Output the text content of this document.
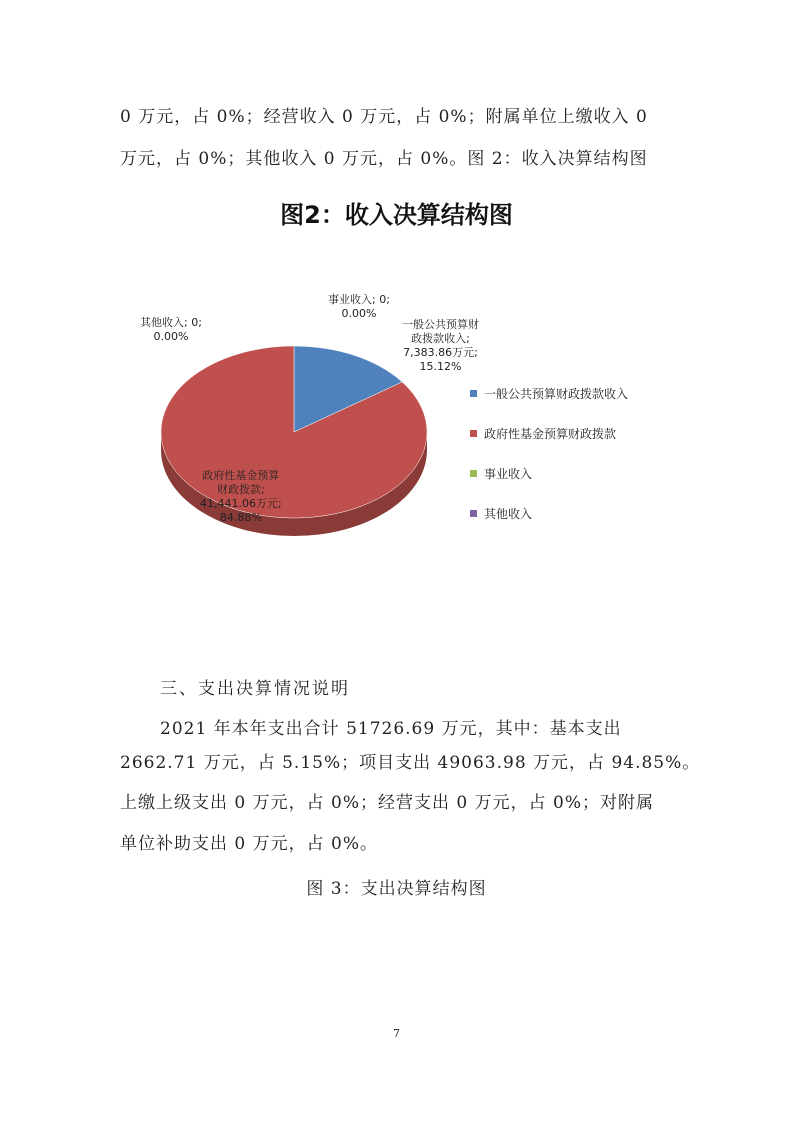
0 万元，占 0%；经营收入 0 万元，占 0%；附属单位上缴收入 0
万元，占 0%；其他收入 0 万元，占 0%。图 2：收入决算结构图
图2：收入决算结构图
事业收入; 0;
0.00%
其他收入; 0;
0.00%
一般公共预算财
政拨款收入;
7,383.86万元;
15.12%
政府性基金预算
财政拨款;
41,441.06万元;
84.88%
一般公共预算财政拨款收入
政府性基金预算财政拨款
事业收入
其他收入
三、支出决算情况说明
2021 年本年支出合计 51726.69 万元，其中：基本支出
2662.71 万元，占 5.15%；项目支出 49063.98 万元，占 94.85%。
上缴上级支出 0 万元，占 0%；经营支出 0 万元，占 0%；对附属
单位补助支出 0 万元，占 0%。
图 3：支出决算结构图
7
